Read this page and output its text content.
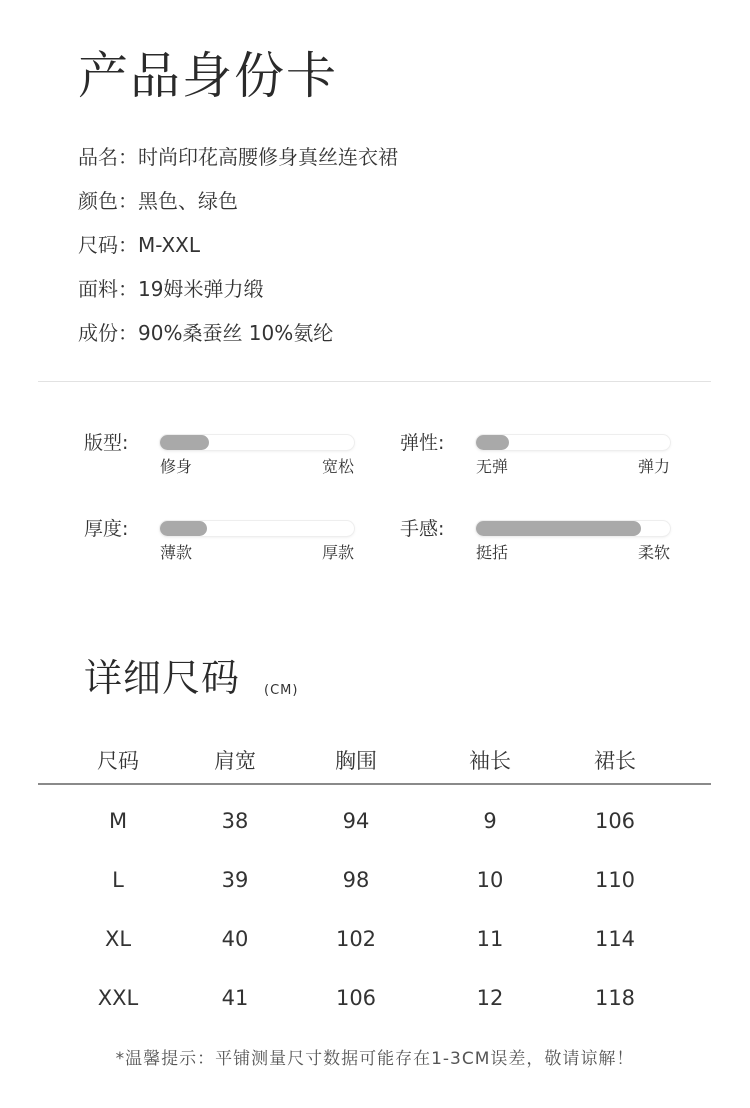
产品身份卡
品名：时尚印花高腰修身真丝连衣裙
颜色：黑色、绿色
尺码：M-XXL
面料：19姆米弹力缎
成份：90%桑蚕丝 10%氨纶
版型:
修身	宽松
弹性:
无弹	弹力
厚度:
薄款	厚款
手感:
挺括	柔软
详细尺码 (CM)
尺码	肩宽	胸围	袖长	裙长
M	38	94	9	106
L	39	98	10	110
XL	40	102	11	114
XXL	41	106	12	118
*温馨提示：平铺测量尺寸数据可能存在1-3CM误差，敬请谅解！
